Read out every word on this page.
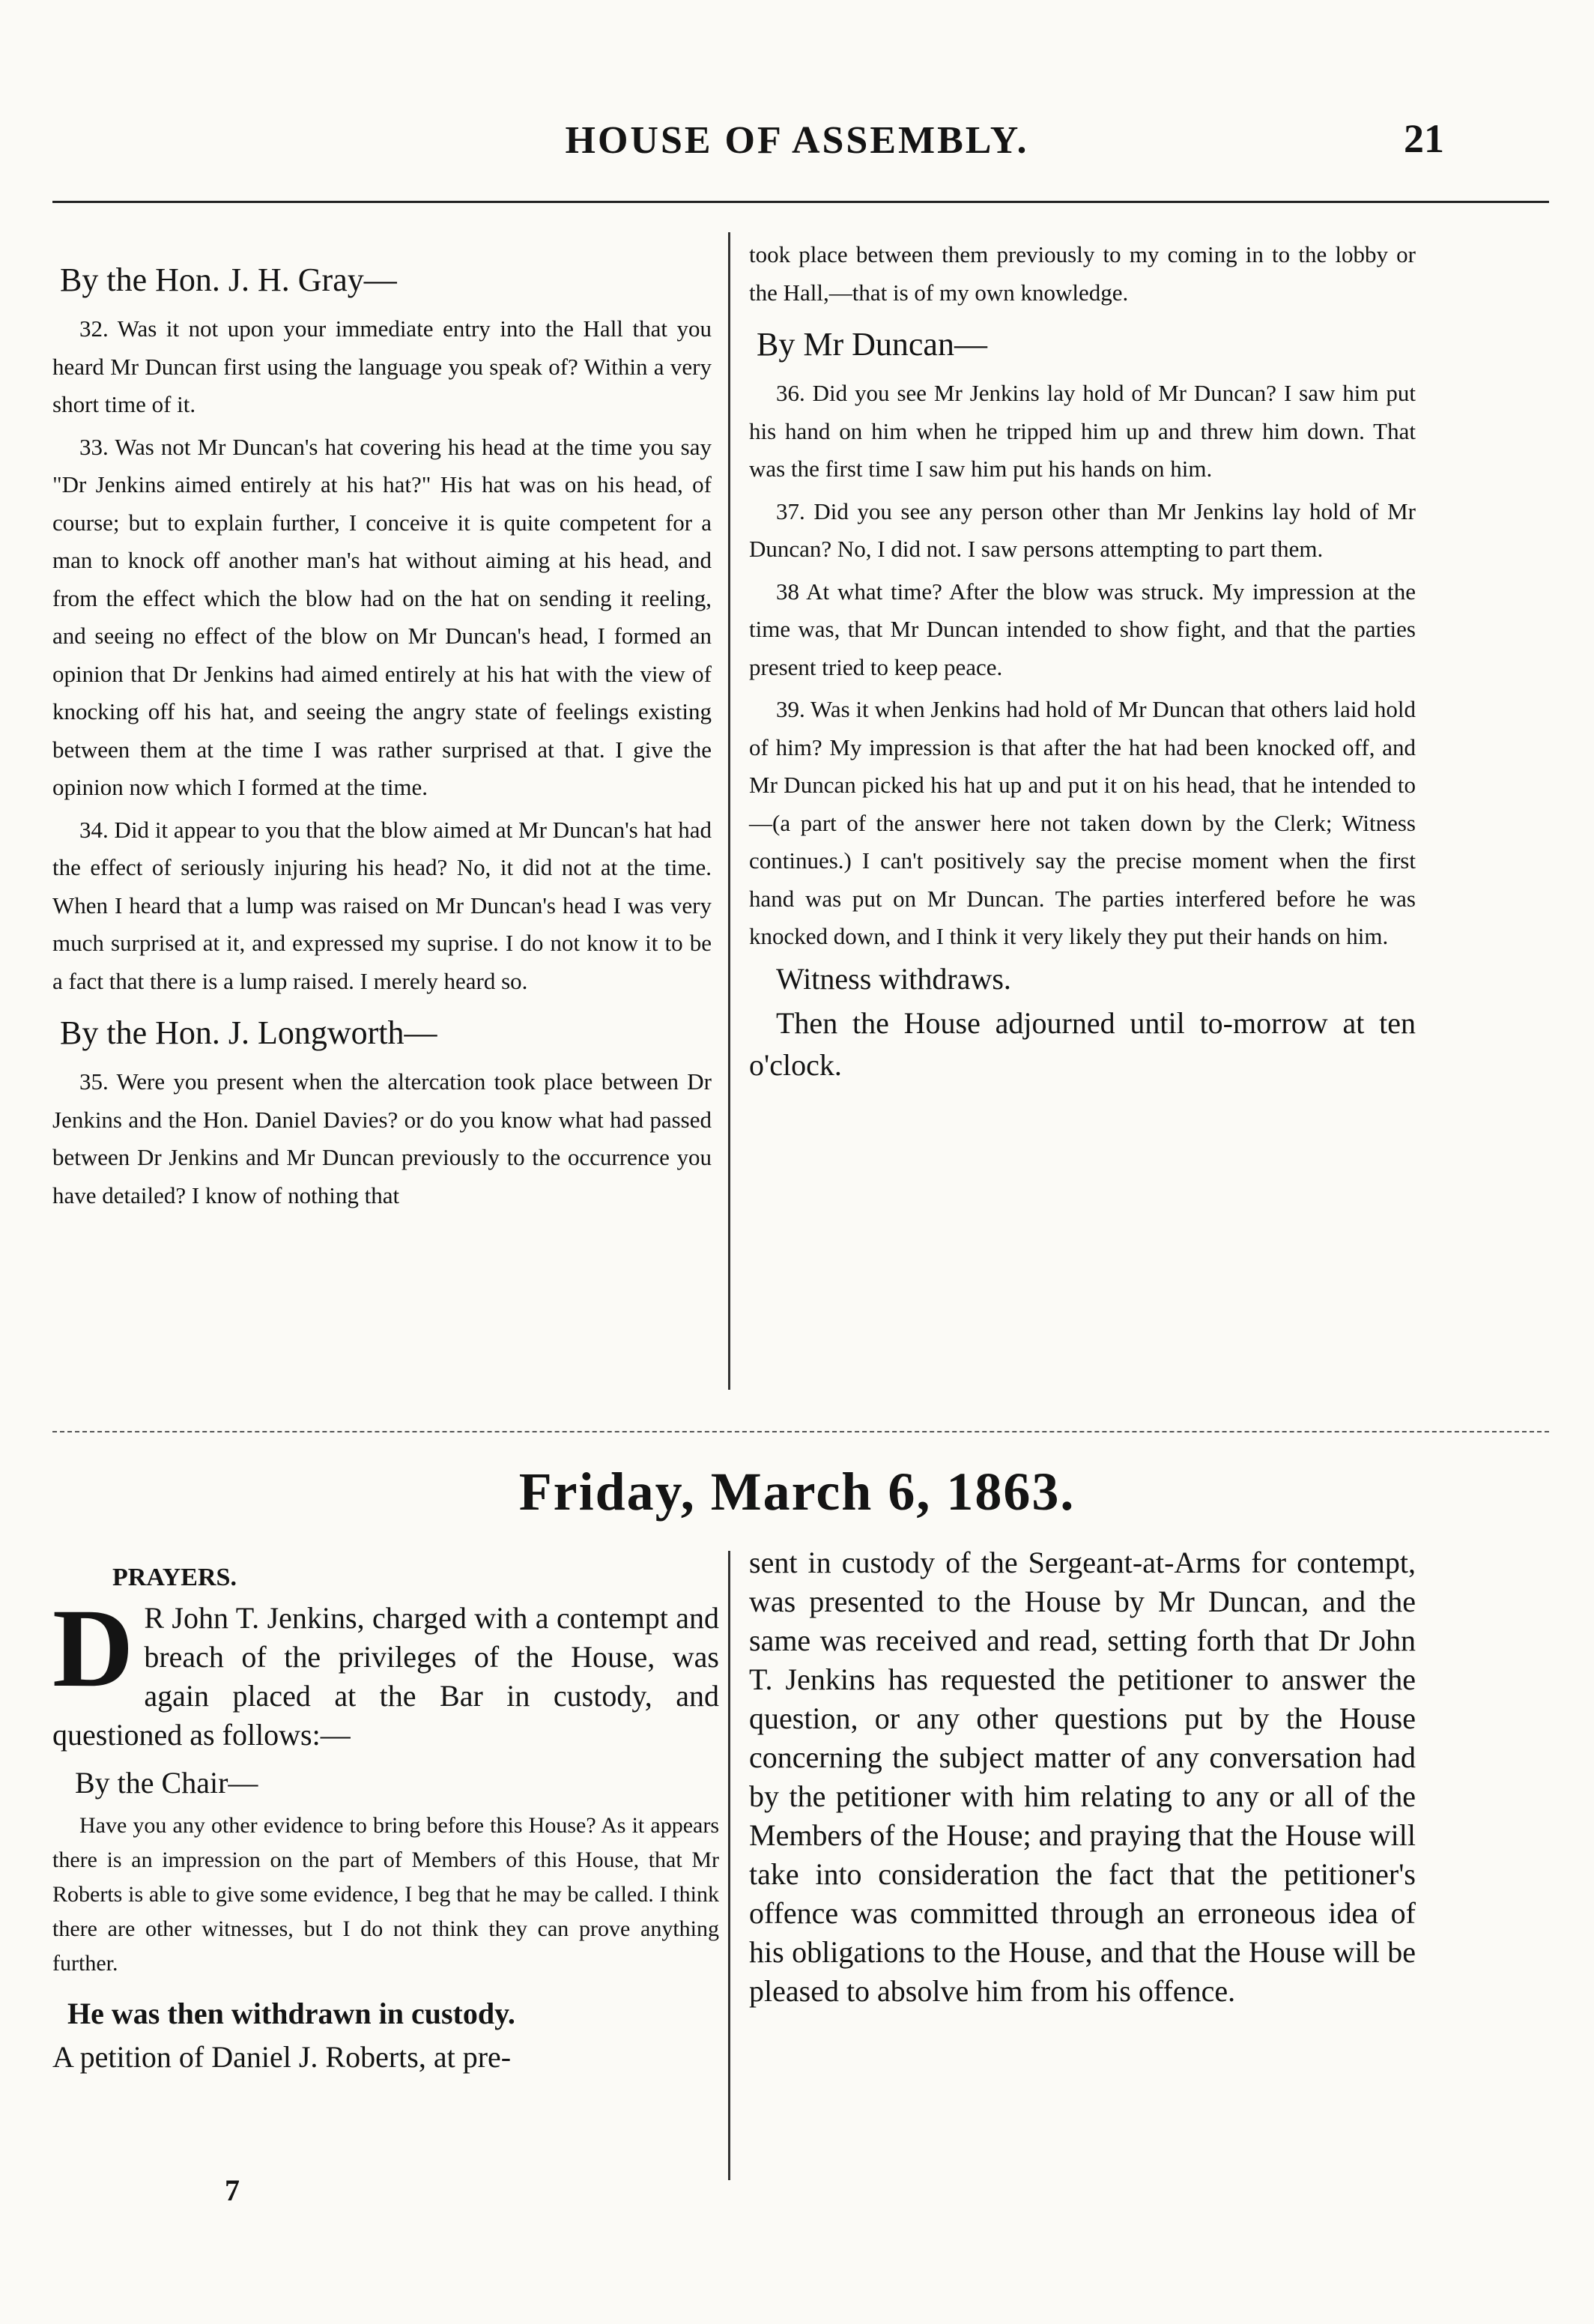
HOUSE OF ASSEMBLY.	21

By the Hon. J. H. Gray—

32. Was it not upon your immediate entry into the Hall that you heard Mr Duncan first using the language you speak of? Within a very short time of it.

33. Was not Mr Duncan's hat covering his head at the time you say "Dr Jenkins aimed entirely at his hat?" His hat was on his head, of course; but to explain further, I conceive it is quite competent for a man to knock off another man's hat without aiming at his head, and from the effect which the blow had on the hat on sending it reeling, and seeing no effect of the blow on Mr Duncan's head, I formed an opinion that Dr Jenkins had aimed entirely at his hat with the view of knocking off his hat, and seeing the angry state of feelings existing between them at the time I was rather surprised at that. I give the opinion now which I formed at the time.

34. Did it appear to you that the blow aimed at Mr Duncan's hat had the effect of seriously injuring his head? No, it did not at the time. When I heard that a lump was raised on Mr Duncan's head I was very much surprised at it, and expressed my suprise. I do not know it to be a fact that there is a lump raised. I merely heard so.

By the Hon. J. Longworth—

35. Were you present when the altercation took place between Dr Jenkins and the Hon. Daniel Davies? or do you know what had passed between Dr Jenkins and Mr Duncan previously to the occurrence you have detailed? I know of nothing that

took place between them previously to my coming in to the lobby or the Hall,—that is of my own knowledge.

By Mr Duncan—

36. Did you see Mr Jenkins lay hold of Mr Duncan? I saw him put his hand on him when he tripped him up and threw him down. That was the first time I saw him put his hands on him.

37. Did you see any person other than Mr Jenkins lay hold of Mr Duncan? No, I did not. I saw persons attempting to part them.

38 At what time? After the blow was struck. My impression at the time was, that Mr Duncan intended to show fight, and that the parties present tried to keep peace.

39. Was it when Jenkins had hold of Mr Duncan that others laid hold of him? My impression is that after the hat had been knocked off, and Mr Duncan picked his hat up and put it on his head, that he intended to—(a part of the answer here not taken down by the Clerk; Witness continues.) I can't positively say the precise moment when the first hand was put on Mr Duncan. The parties interfered before he was knocked down, and I think it very likely they put their hands on him.

Witness withdraws.

Then the House adjourned until to-morrow at ten o'clock.

Friday, March 6, 1863.
PRAYERS.

D R John T. Jenkins, charged with a contempt and breach of the privileges of the House, was again placed at the Bar in custody, and questioned as follows:—

By the Chair—

Have you any other evidence to bring before this House? As it appears there is an impression on the part of Members of this House, that Mr Roberts is able to give some evidence, I beg that he may be called. I think there are other witnesses, but I do not think they can prove anything further.

He was then withdrawn in custody.

A petition of Daniel J. Roberts, at pre-

sent in custody of the Sergeant-at-Arms for contempt, was presented to the House by Mr Duncan, and the same was received and read, setting forth that Dr John T. Jenkins has requested the petitioner to answer the question, or any other questions put by the House concerning the subject matter of any conversation had by the petitioner with him relating to any or all of the Members of the House; and praying that the House will take into consideration the fact that the petitioner's offence was committed through an erroneous idea of his obligations to the House, and that the House will be pleased to absolve him from his offence.

7
